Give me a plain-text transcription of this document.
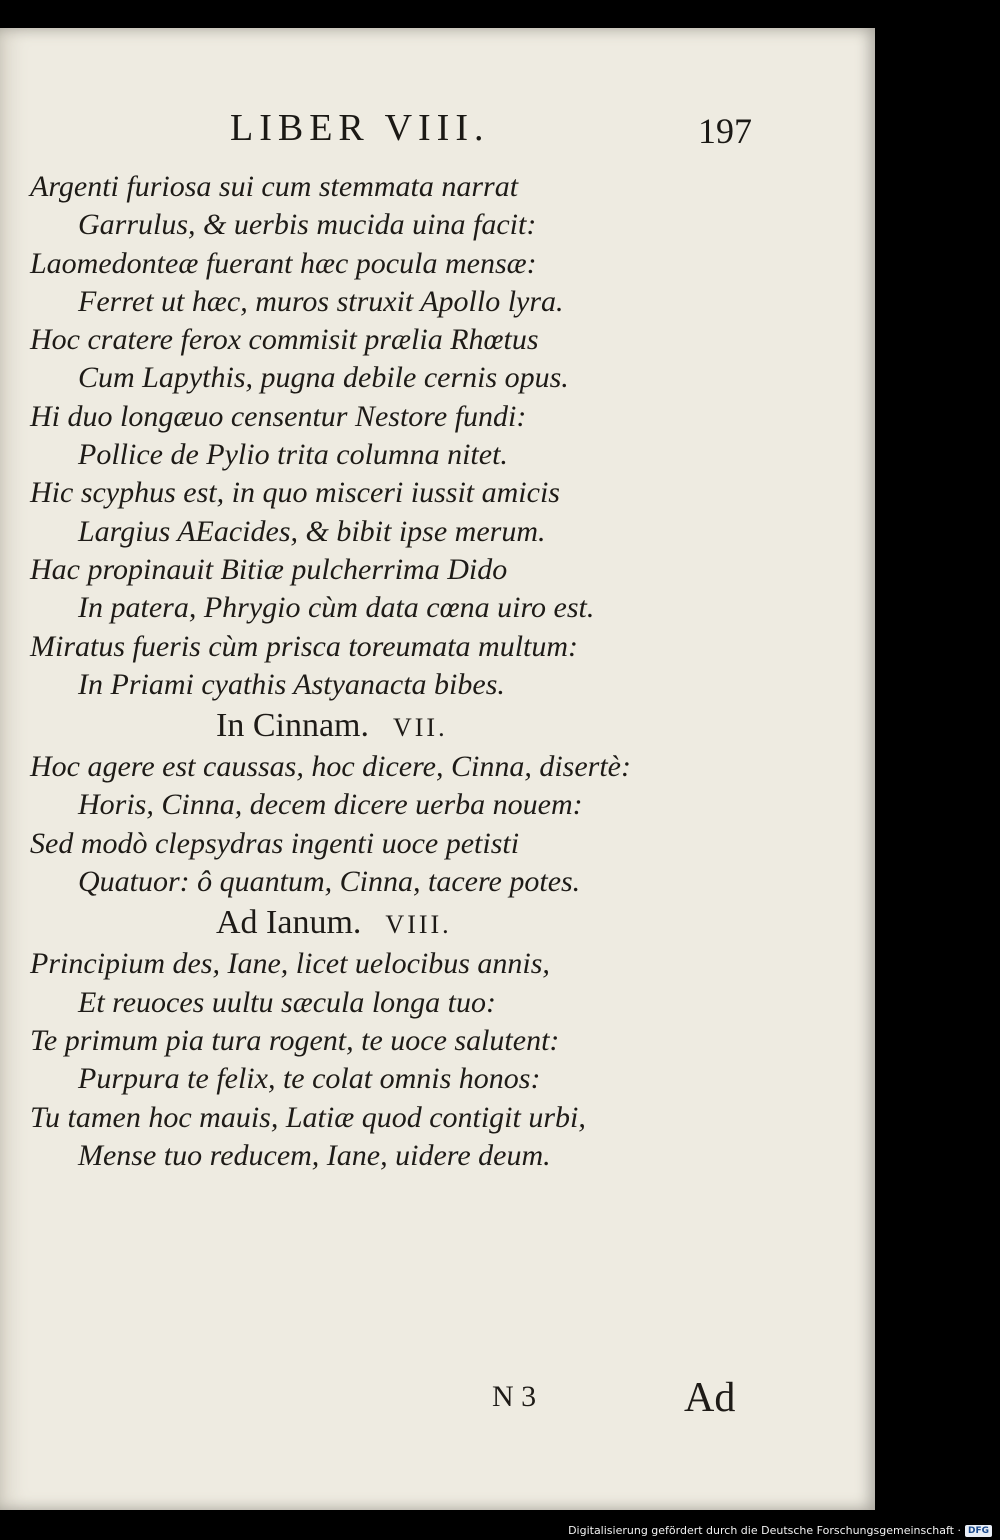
LIBER VIII.	197
Argenti furiosa sui cum stemmata narrat
Garrulus, & uerbis mucida uina facit:
Laomedonteæ fuerant hæc pocula mensæ:
Ferret ut hæc, muros struxit Apollo lyra.
Hoc cratere ferox commisit prælia Rhœtus
Cum Lapythis, pugna debile cernis opus.
Hi duo longæuo censentur Nestore fundi:
Pollice de Pylio trita columna nitet.
Hic scyphus est, in quo misceri iussit amicis
Largius AEacides, & bibit ipse merum.
Hac propinauit Bitiæ pulcherrima Dido
In patera, Phrygio cùm data cœna uiro est.
Miratus fueris cùm prisca toreumata multum:
In Priami cyathis Astyanacta bibes.
In Cinnam. VII.
Hoc agere est caussas, hoc dicere, Cinna, disertè:
Horis, Cinna, decem dicere uerba nouem:
Sed modò clepsydras ingenti uoce petisti
Quatuor: ô quantum, Cinna, tacere potes.
Ad Ianum. VIII.
Principium des, Iane, licet uelocibus annis,
Et reuoces uultu sæcula longa tuo:
Te primum pia tura rogent, te uoce salutent:
Purpura te felix, te colat omnis honos:
Tu tamen hoc mauis, Latiæ quod contigit urbi,
Mense tuo reducem, Iane, uidere deum.
N 3	Ad
Digitalisierung gefördert durch die Deutsche Forschungsgemeinschaft · DFG
